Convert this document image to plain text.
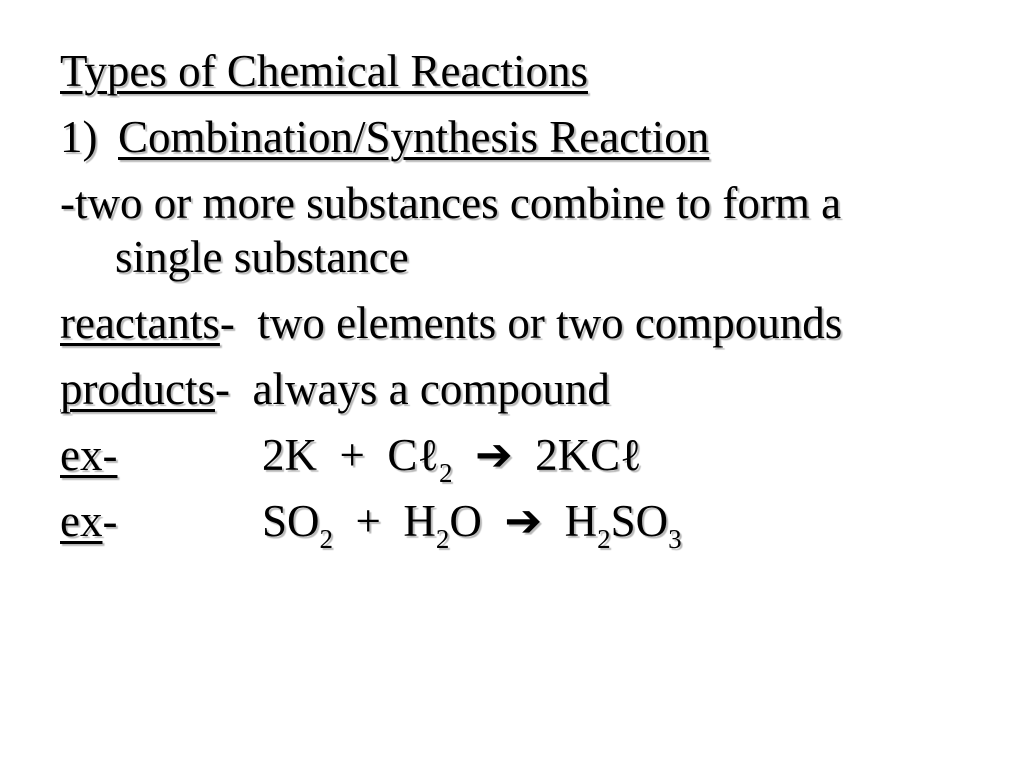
Types of Chemical Reactions

1) Combination/Synthesis Reaction

-two or more substances combine to form a
single substance

reactants-  two elements or two compounds

products-  always a compound

ex-	2K  +  Cℓ$_2$ ➔  2KCℓ

ex-	$SO_2 + H_2O$  ➔  $H_2SO_3$
